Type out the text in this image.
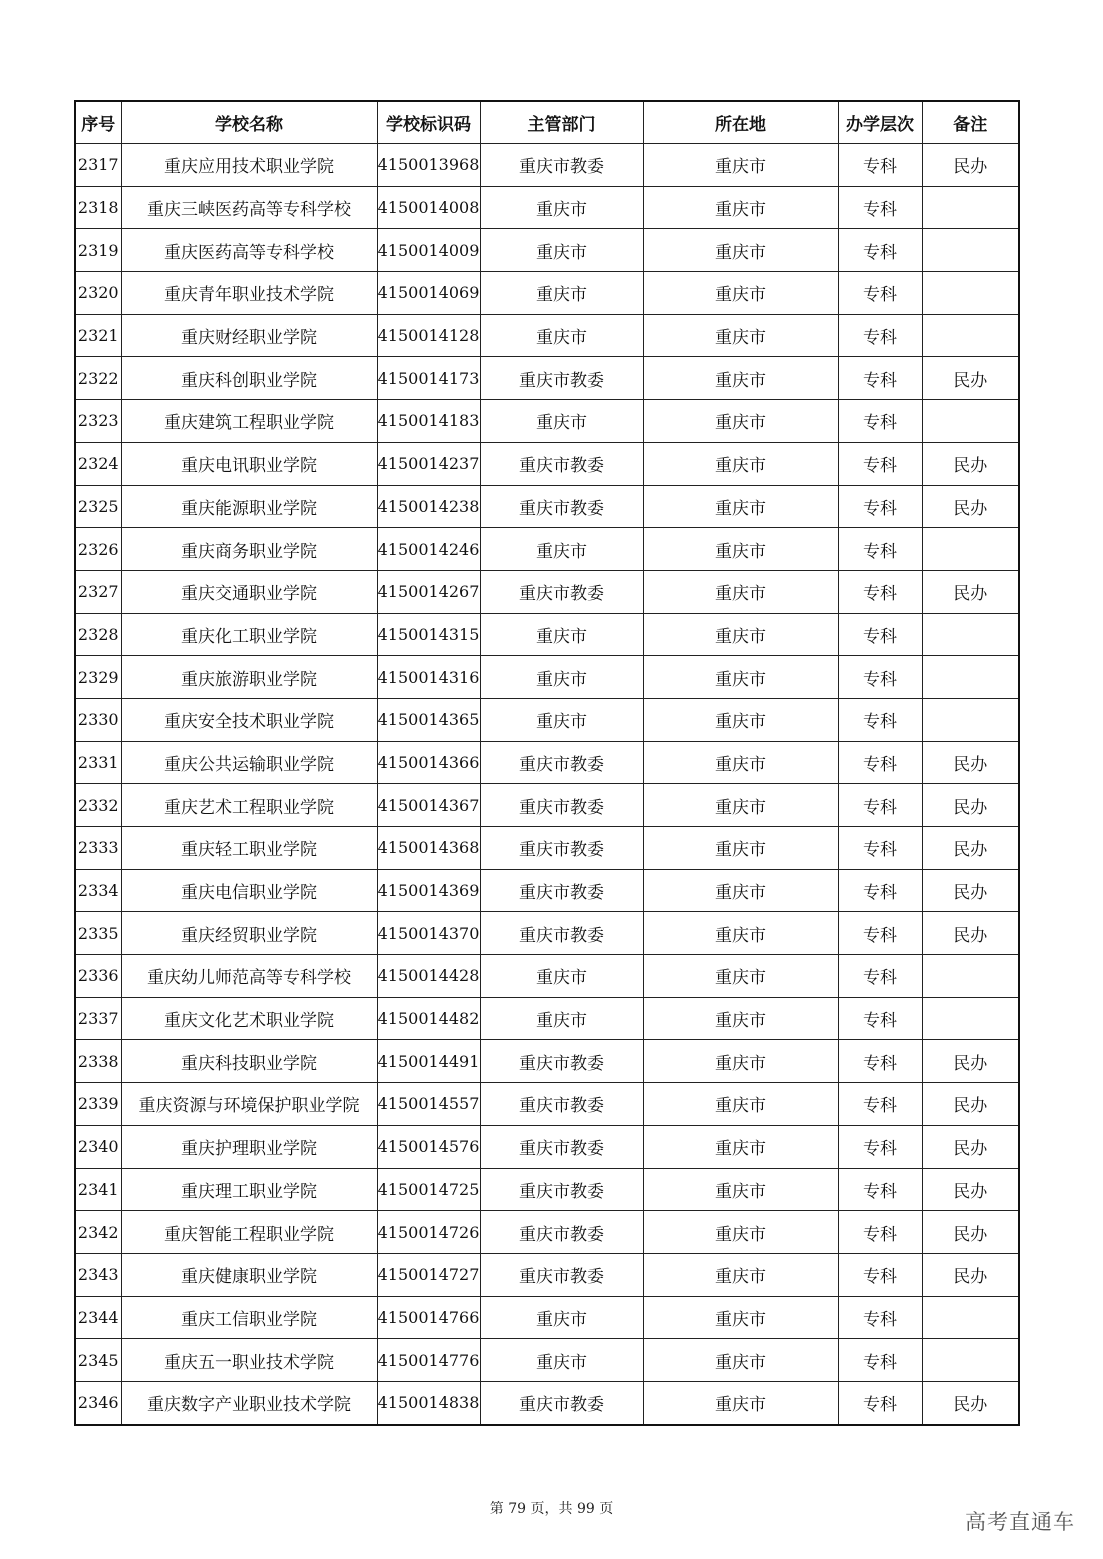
序号	学校名称	学校标识码	主管部门	所在地	办学层次	备注
2317	重庆应用技术职业学院	4150013968	重庆市教委	重庆市	专科	民办
2318	重庆三峡医药高等专科学校	4150014008	重庆市	重庆市	专科	
2319	重庆医药高等专科学校	4150014009	重庆市	重庆市	专科	
2320	重庆青年职业技术学院	4150014069	重庆市	重庆市	专科	
2321	重庆财经职业学院	4150014128	重庆市	重庆市	专科	
2322	重庆科创职业学院	4150014173	重庆市教委	重庆市	专科	民办
2323	重庆建筑工程职业学院	4150014183	重庆市	重庆市	专科	
2324	重庆电讯职业学院	4150014237	重庆市教委	重庆市	专科	民办
2325	重庆能源职业学院	4150014238	重庆市教委	重庆市	专科	民办
2326	重庆商务职业学院	4150014246	重庆市	重庆市	专科	
2327	重庆交通职业学院	4150014267	重庆市教委	重庆市	专科	民办
2328	重庆化工职业学院	4150014315	重庆市	重庆市	专科	
2329	重庆旅游职业学院	4150014316	重庆市	重庆市	专科	
2330	重庆安全技术职业学院	4150014365	重庆市	重庆市	专科	
2331	重庆公共运输职业学院	4150014366	重庆市教委	重庆市	专科	民办
2332	重庆艺术工程职业学院	4150014367	重庆市教委	重庆市	专科	民办
2333	重庆轻工职业学院	4150014368	重庆市教委	重庆市	专科	民办
2334	重庆电信职业学院	4150014369	重庆市教委	重庆市	专科	民办
2335	重庆经贸职业学院	4150014370	重庆市教委	重庆市	专科	民办
2336	重庆幼儿师范高等专科学校	4150014428	重庆市	重庆市	专科	
2337	重庆文化艺术职业学院	4150014482	重庆市	重庆市	专科	
2338	重庆科技职业学院	4150014491	重庆市教委	重庆市	专科	民办
2339	重庆资源与环境保护职业学院	4150014557	重庆市教委	重庆市	专科	民办
2340	重庆护理职业学院	4150014576	重庆市教委	重庆市	专科	民办
2341	重庆理工职业学院	4150014725	重庆市教委	重庆市	专科	民办
2342	重庆智能工程职业学院	4150014726	重庆市教委	重庆市	专科	民办
2343	重庆健康职业学院	4150014727	重庆市教委	重庆市	专科	民办
2344	重庆工信职业学院	4150014766	重庆市	重庆市	专科	
2345	重庆五一职业技术学院	4150014776	重庆市	重庆市	专科	
2346	重庆数字产业职业技术学院	4150014838	重庆市教委	重庆市	专科	民办
第 79 页，共 99 页
高考直通车
